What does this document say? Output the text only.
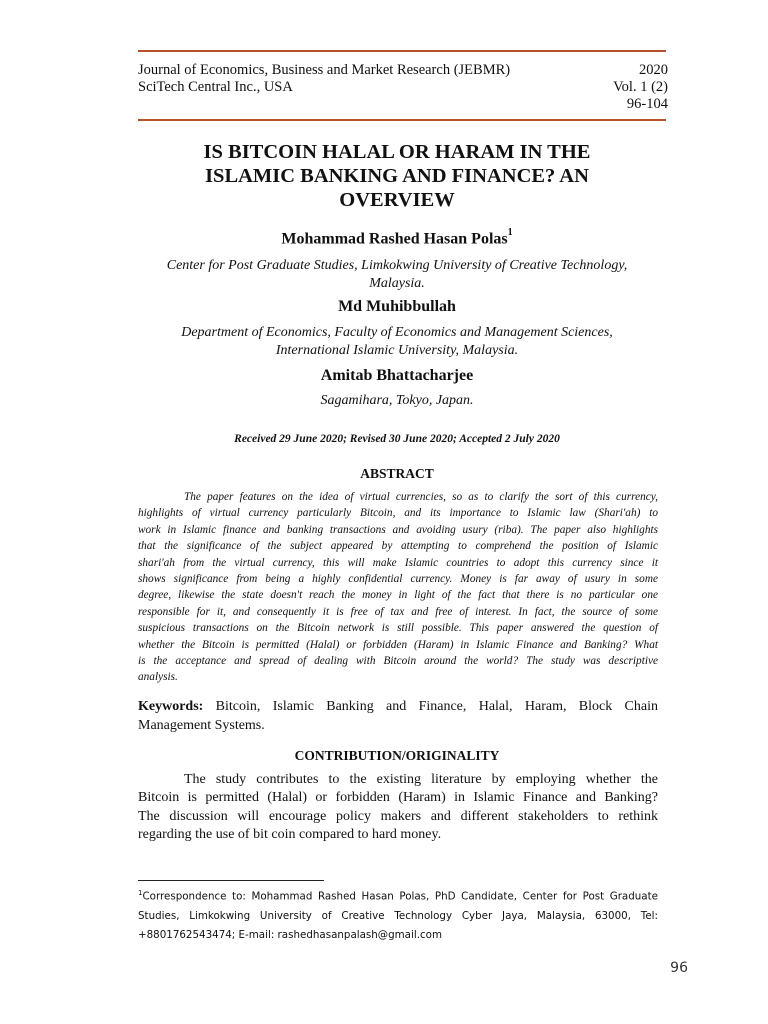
Journal of Economics, Business and Market Research (JEBMR)
SciTech Central Inc., USA
2020
Vol. 1 (2)
96-104
IS BITCOIN HALAL OR HARAM IN THE
ISLAMIC BANKING AND FINANCE? AN
OVERVIEW
Mohammad Rashed Hasan Polas$^1$
Center for Post Graduate Studies, Limkokwing University of Creative Technology,
Malaysia.
Md Muhibbullah
Department of Economics, Faculty of Economics and Management Sciences,
International Islamic University, Malaysia.
Amitab Bhattacharjee
Sagamihara, Tokyo, Japan.
Received 29 June 2020; Revised 30 June 2020; Accepted 2 July 2020
ABSTRACT
The paper features on the idea of virtual currencies, so as to clarify the sort of this currency,
highlights of virtual currency particularly Bitcoin, and its importance to Islamic law (Shari'ah) to
work in Islamic finance and banking transactions and avoiding usury (riba). The paper also highlights
that the significance of the subject appeared by attempting to comprehend the position of Islamic
shari'ah from the virtual currency, this will make Islamic countries to adopt this currency since it
shows significance from being a highly confidential currency. Money is far away of usury in some
degree, likewise the state doesn't reach the money in light of the fact that there is no particular one
responsible for it, and consequently it is free of tax and free of interest. In fact, the source of some
suspicious transactions on the Bitcoin network is still possible. This paper answered the question of
whether the Bitcoin is permitted (Halal) or forbidden (Haram) in Islamic Finance and Banking? What
is the acceptance and spread of dealing with Bitcoin around the world? The study was descriptive
analysis.
Keywords: Bitcoin, Islamic Banking and Finance, Halal, Haram, Block Chain
Management Systems.
CONTRIBUTION/ORIGINALITY
The study contributes to the existing literature by employing whether the
Bitcoin is permitted (Halal) or forbidden (Haram) in Islamic Finance and Banking?
The discussion will encourage policy makers and different stakeholders to rethink
regarding the use of bit coin compared to hard money.
$^1$Correspondence to: Mohammad Rashed Hasan Polas, PhD Candidate, Center for Post Graduate
Studies, Limkokwing University of Creative Technology Cyber Jaya, Malaysia, 63000, Tel:
+8801762543474; E-mail: rashedhasanpalash@gmail.com
96
